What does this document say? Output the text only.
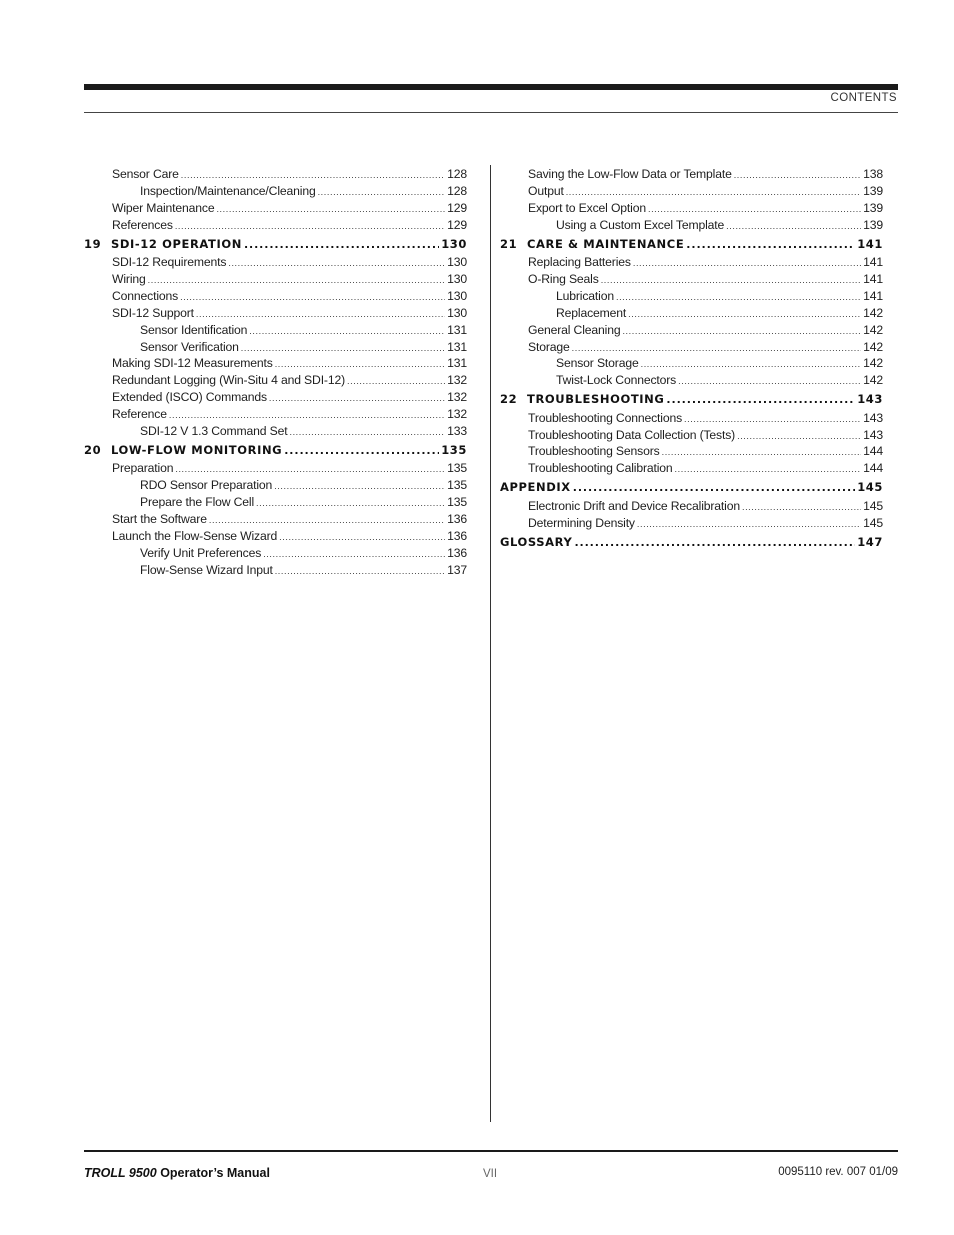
CONTENTS
Sensor Care .....	128
Inspection/Maintenance/Cleaning .....	128
Wiper Maintenance .....	129
References .....	129
19 SDI-12 OPERATION .....	130
SDI-12 Requirements .....	130
Wiring .....	130
Connections .....	130
SDI-12 Support .....	130
Sensor Identification .....	131
Sensor Verification .....	131
Making SDI-12 Measurements .....	131
Redundant Logging (Win-Situ 4 and SDI-12) .....	132
Extended (ISCO) Commands .....	132
Reference .....	132
SDI-12 V 1.3 Command Set .....	133
20 LOW-FLOW MONITORING .....	135
Preparation .....	135
RDO Sensor Preparation .....	135
Prepare the Flow Cell .....	135
Start the Software .....	136
Launch the Flow-Sense Wizard .....	136
Verify Unit Preferences .....	136
Flow-Sense Wizard Input .....	137
Saving the Low-Flow Data or Template .....	138
Output .....	139
Export to Excel Option .....	139
Using a Custom Excel Template .....	139
21 CARE & MAINTENANCE .....	141
Replacing Batteries .....	141
O-Ring Seals .....	141
Lubrication .....	141
Replacement .....	142
General Cleaning .....	142
Storage .....	142
Sensor Storage .....	142
Twist-Lock Connectors .....	142
22 TROUBLESHOOTING .....	143
Troubleshooting Connections .....	143
Troubleshooting Data Collection (Tests) .....	143
Troubleshooting Sensors .....	144
Troubleshooting Calibration .....	144
APPENDIX .....	145
Electronic Drift and Device Recalibration .....	145
Determining Density .....	145
GLOSSARY .....	147
TROLL 9500 Operator’s Manual	VII	0095110 rev. 007 01/09
